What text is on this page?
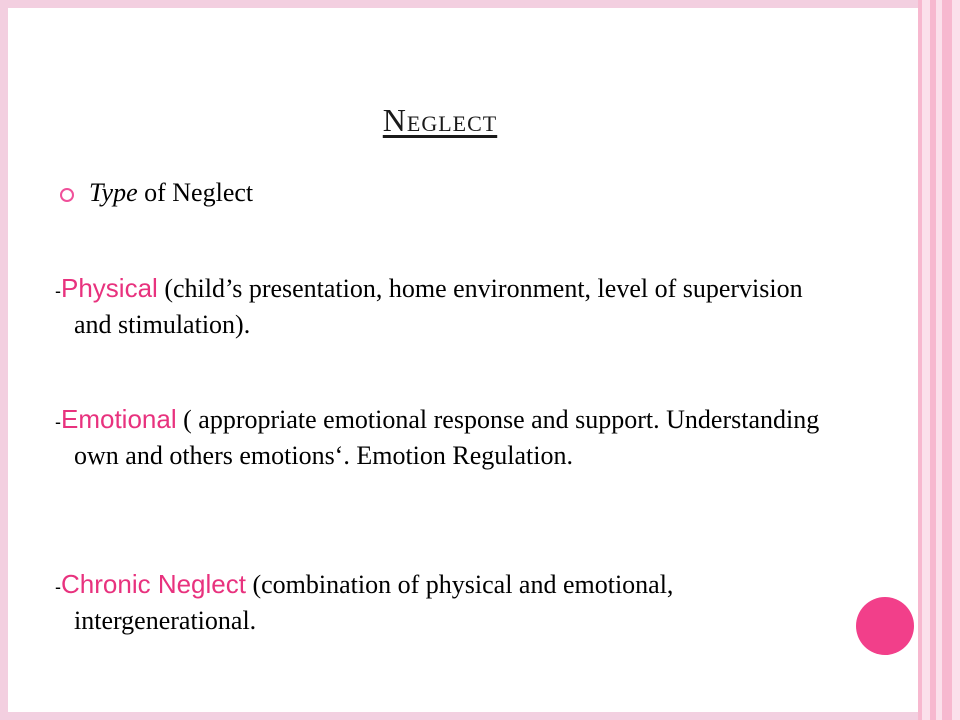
Neglect
Type of Neglect
-Physical (child’s presentation, home environment, level of supervision and stimulation).
-Emotional ( appropriate emotional response and support. Understanding own and others emotions‘. Emotion Regulation.
-Chronic Neglect (combination of physical and emotional, intergenerational.
